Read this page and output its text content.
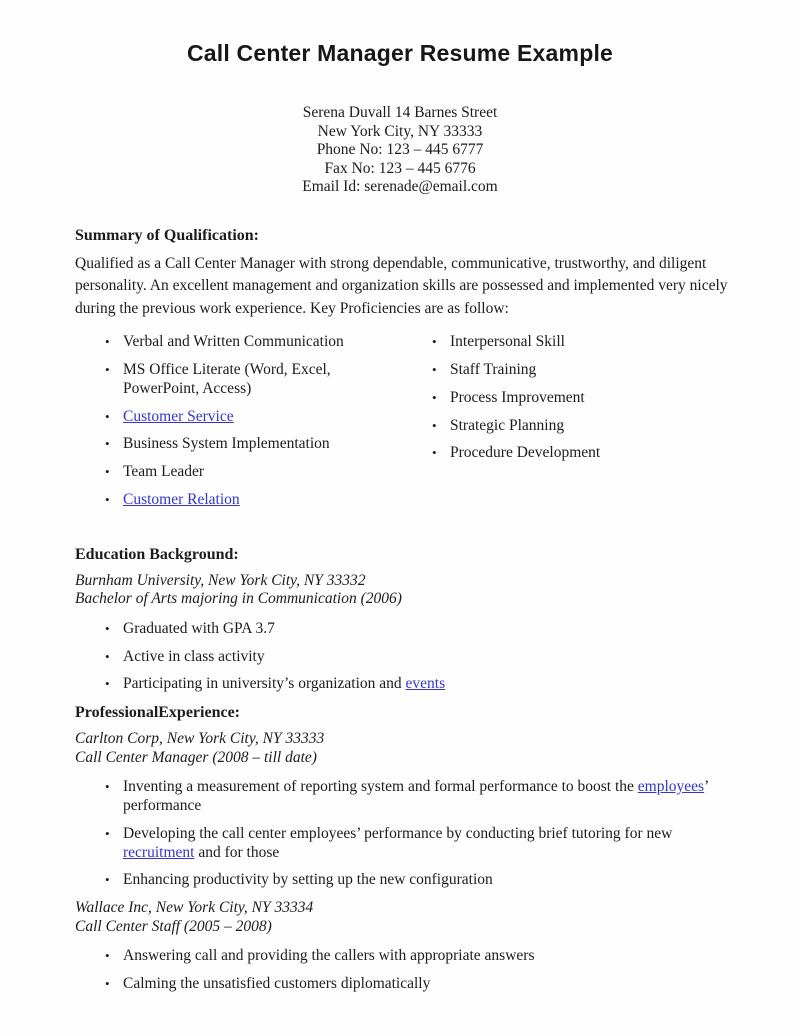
Call Center Manager Resume Example
Serena Duvall 14 Barnes Street
New York City, NY 33333
Phone No: 123 – 445 6777
Fax No: 123 – 445 6776
Email Id: serenade@email.com
Summary of Qualification:
Qualified as a Call Center Manager with strong dependable, communicative, trustworthy, and diligent personality. An excellent management and organization skills are possessed and implemented very nicely during the previous work experience. Key Proficiencies are as follow:
• Verbal and Written Communication
• MS Office Literate (Word, Excel, PowerPoint, Access)
• Customer Service
• Business System Implementation
• Team Leader
• Customer Relation
• Interpersonal Skill
• Staff Training
• Process Improvement
• Strategic Planning
• Procedure Development
Education Background:
Burnham University, New York City, NY 33332
Bachelor of Arts majoring in Communication (2006)
• Graduated with GPA 3.7
• Active in class activity
• Participating in university’s organization and events
ProfessionalExperience:
Carlton Corp, New York City, NY 33333
Call Center Manager (2008 – till date)
• Inventing a measurement of reporting system and formal performance to boost the employees’ performance
• Developing the call center employees’ performance by conducting brief tutoring for new recruitment and for those
• Enhancing productivity by setting up the new configuration
Wallace Inc, New York City, NY 33334
Call Center Staff (2005 – 2008)
• Answering call and providing the callers with appropriate answers
• Calming the unsatisfied customers diplomatically
